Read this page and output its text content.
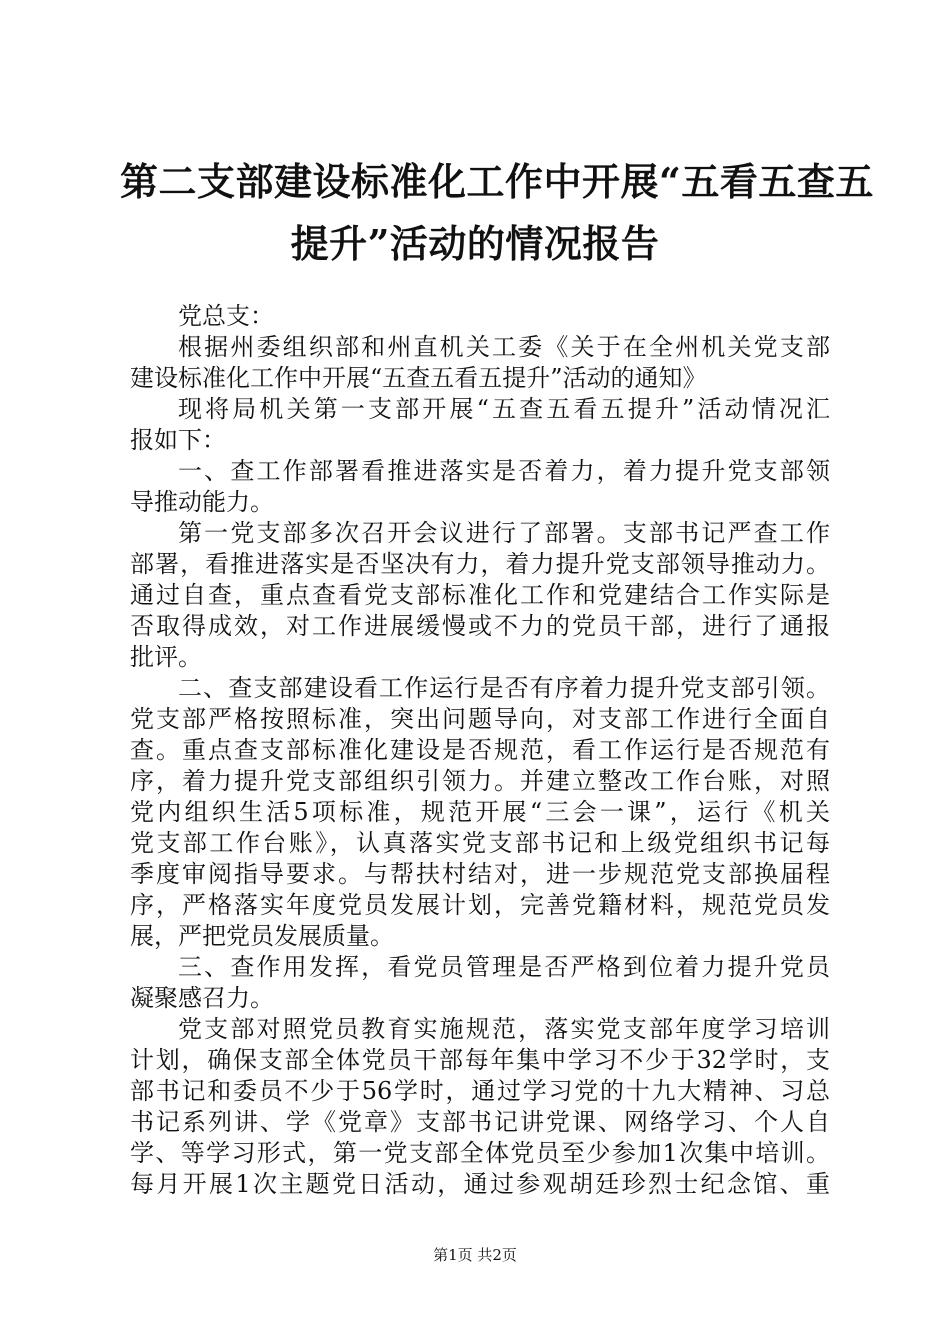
第二支部建设标准化工作中开展“五看五查五
提升”活动的情况报告
党总支：
根据州委组织部和州直机关工委《关于在全州机关党支部
建设标准化工作中开展“五查五看五提升”活动的通知》
现将局机关第一支部开展“五查五看五提升”活动情况汇
报如下：
一、查工作部署看推进落实是否着力，着力提升党支部领
导推动能力。
第一党支部多次召开会议进行了部署。支部书记严查工作
部署，看推进落实是否坚决有力，着力提升党支部领导推动力。
通过自查，重点查看党支部标准化工作和党建结合工作实际是
否取得成效，对工作进展缓慢或不力的党员干部，进行了通报
批评。
二、查支部建设看工作运行是否有序着力提升党支部引领。
党支部严格按照标准，突出问题导向，对支部工作进行全面自
查。重点查支部标准化建设是否规范，看工作运行是否规范有
序，着力提升党支部组织引领力。并建立整改工作台账，对照
党内组织生活5项标准，规范开展“三会一课”，运行《机关
党支部工作台账》，认真落实党支部书记和上级党组织书记每
季度审阅指导要求。与帮扶村结对，进一步规范党支部换届程
序，严格落实年度党员发展计划，完善党籍材料，规范党员发
展，严把党员发展质量。
三、查作用发挥，看党员管理是否严格到位着力提升党员
凝聚感召力。
党支部对照党员教育实施规范，落实党支部年度学习培训
计划，确保支部全体党员干部每年集中学习不少于32学时，支
部书记和委员不少于56学时，通过学习党的十九大精神、习总
书记系列讲、学《党章》支部书记讲党课、网络学习、个人自
学、等学习形式，第一党支部全体党员至少参加1次集中培训。
每月开展1次主题党日活动，通过参观胡廷珍烈士纪念馆、重
第1页 共2页
